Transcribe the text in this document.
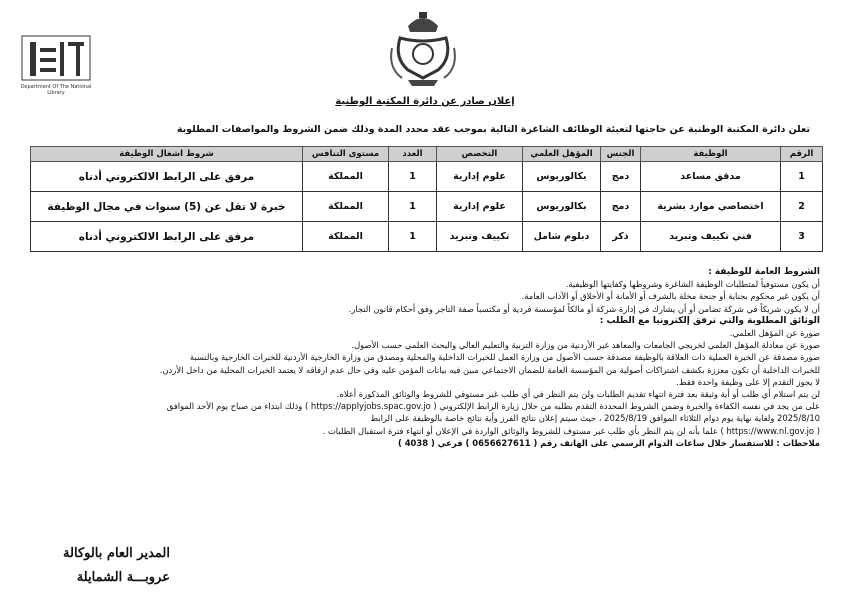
Department Of The National Library
إعلان صادر عن دائرة المكتبة الوطنية
تعلن دائرة المكتبة الوطنية عن حاجتها لتعبئة الوظائف الشاغرة التالية بموجب عقد محدد المدة وذلك ضمن الشروط والمواصفات المطلوبة
الرقم	الوظيفة	الجنس	المؤهل العلمي	التخصص	العدد	مستوى التنافس	شروط اشغال الوظيفة
1	مدقق مساعد	دمج	بكالوريوس	علوم إدارية	1	المملكة	مرفق على الرابط الالكتروني أدناه
2	اختصاصي موارد بشرية	دمج	بكالوريوس	علوم إدارية	1	المملكة	خبرة لا تقل عن (5) سنوات في مجال الوظيفة
3	فني تكييف وتبريد	ذكر	دبلوم شامل	تكييف وتبريد	1	المملكة	مرفق على الرابط الالكتروني أدناه
الشروط العامة للوظيفة :
أن يكون مستوفياً لمتطلبات الوظيفة الشاغرة وشروطها وكفايتها الوظيفية.
أن يكون غير محكوم بجناية أو جنحة مخلة بالشرف أو الأمانة أو الأخلاق أو الآداب العامة.
أن لا يكون شريكاً في شركة تضامن أو أن يشارك في إدارة شركة أو مالكاً لمؤسسة فردية أو مكتسباً صفة التاجر وفق أحكام قانون التجار.
الوثائق المطلوبة والتي ترفق إلكترونيا مع الطلب :
صورة عن المؤهل العلمي.
صورة عن معادلة المؤهل العلمي لخريجي الجامعات والمعاهد غير الأردنية من وزارة التربية والتعليم العالي والبحث العلمي حسب الأصول.
صورة مصدقة عن الخبرة العملية ذات العلاقة بالوظيفة مصدقة حسب الأصول من وزارة العمل للخبرات الداخلية والمحلية ومصدق من وزارة الخارجية الأردنية للخبرات الخارجية وبالنسبة
للخبرات الداخلية أن تكون معززة بكشف اشتراكات أصولية من المؤسسة العامة للضمان الاجتماعي مبين فيه بيانات المؤمن عليه وفي حال عدم ارفاقه لا يعتمد الخبرات المحلية من داخل الأردن.
لا يجوز التقدم إلا على وظيفة واحدة فقط.
لن يتم استلام أي طلب أو أية وثيقة بعد فترة انتهاء تقديم الطلبات ولن يتم النظر في أي طلب غير مستوفي للشروط والوثائق المذكورة أعلاه.
على من يجد في نفسه الكفاءة والخبرة وضمن الشروط المحددة التقدم بطلبه من خلال زيارة الرابط الإلكتروني ( https://applyjobs.spac.gov.jo ) وذلك ابتداء من صباح يوم الأحد الموافق
2025/8/10 ولغاية نهاية يوم دوام الثلاثاء الموافق 2025/8/19 ، حيث سيتم إعلان نتائج الفرز وأية نتائج خاصة بالوظيفة على الرابط
( https://www.nl.gov.jo ) علما بأنه لن يتم النظر بأي طلب غير مستوف للشروط والوثائق الواردة في الإعلان أو انتهاء فترة استقبال الطلبات .
ملاحظات : للاستفسار خلال ساعات الدوام الرسمي على الهاتف رقم ( 0656627611 ) فرعي ( 4038 )
المدير العام بالوكالة
عروبـــة الشمايلة
